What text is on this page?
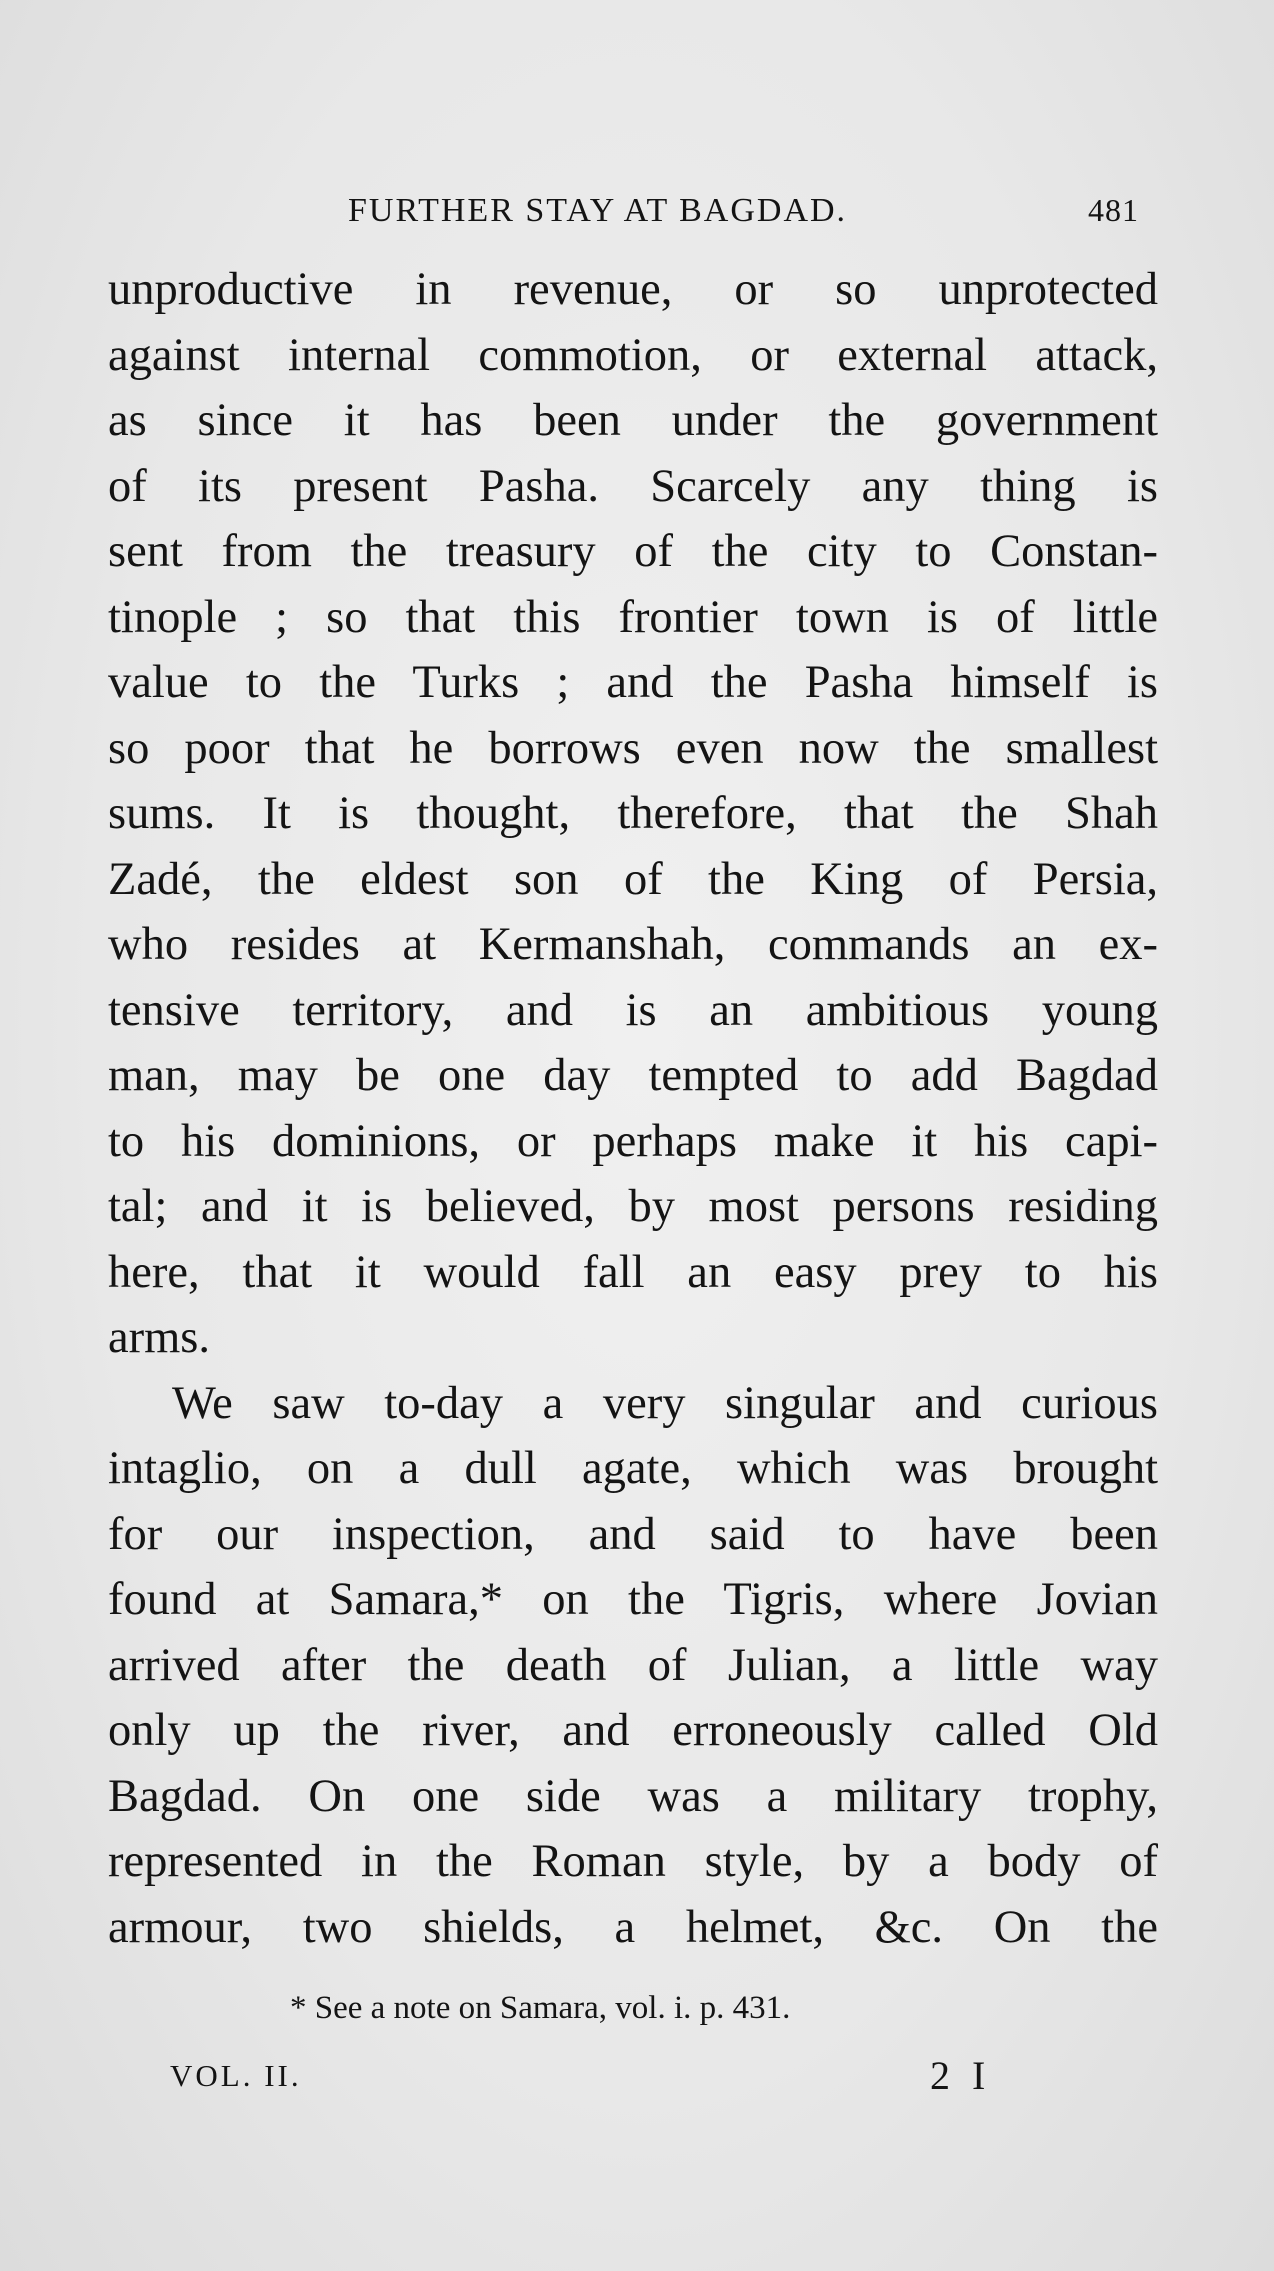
FURTHER STAY AT BAGDAD.	481
unproductive in revenue, or so unprotected
against internal commotion, or external attack,
as since it has been under the government
of its present Pasha. Scarcely any thing is
sent from the treasury of the city to Constan-
tinople ; so that this frontier town is of little
value to the Turks ; and the Pasha himself is
so poor that he borrows even now the smallest
sums. It is thought, therefore, that the Shah
Zadé, the eldest son of the King of Persia,
who resides at Kermanshah, commands an ex-
tensive territory, and is an ambitious young
man, may be one day tempted to add Bagdad
to his dominions, or perhaps make it his capi-
tal; and it is believed, by most persons residing
here, that it would fall an easy prey to his
arms.
We saw to-day a very singular and curious
intaglio, on a dull agate, which was brought
for our inspection, and said to have been
found at Samara,* on the Tigris, where Jovian
arrived after the death of Julian, a little way
only up the river, and erroneously called Old
Bagdad. On one side was a military trophy,
represented in the Roman style, by a body of
armour, two shields, a helmet, &c. On the
* See a note on Samara, vol. i. p. 431.
VOL. II.	2 I
